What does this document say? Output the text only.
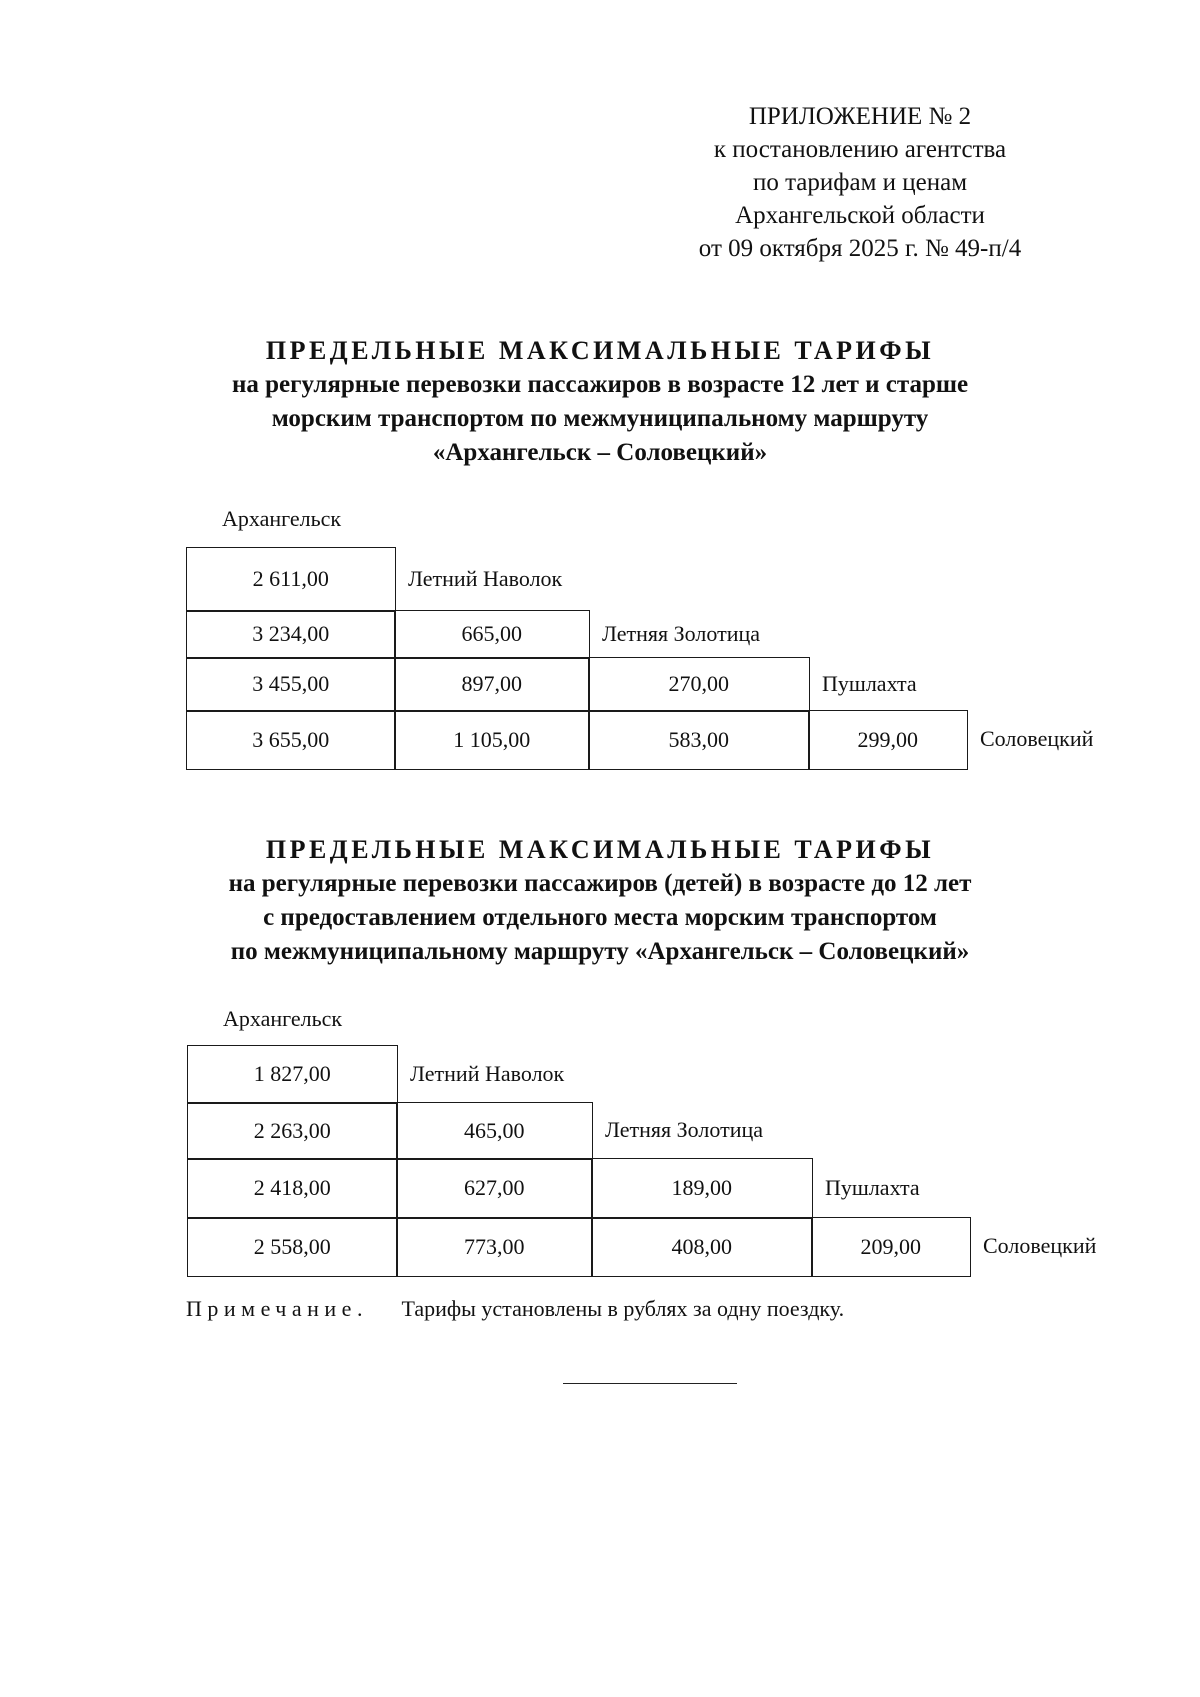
ПРИЛОЖЕНИЕ № 2
к постановлению агентства
по тарифам и ценам
Архангельской области
от 09 октября 2025 г. № 49-п/4
ПРЕДЕЛЬНЫЕ МАКСИМАЛЬНЫЕ ТАРИФЫ
на регулярные перевозки пассажиров в возрасте 12 лет и старше
морским транспортом по межмуниципальному маршруту
«Архангельск – Соловецкий»
ПРЕДЕЛЬНЫЕ МАКСИМАЛЬНЫЕ ТАРИФЫ
на регулярные перевозки пассажиров (детей) в возрасте до 12 лет
с предоставлением отдельного места морским транспортом
по межмуниципальному маршруту «Архангельск – Соловецкий»
Архангельск
2 611,00	Летний Наволок
3 234,00	665,00	Летняя Золотица
3 455,00	897,00	270,00	Пушлахта
3 655,00	1 105,00	583,00	299,00	Соловецкий
Архангельск
1 827,00	Летний Наволок
2 263,00	465,00	Летняя Золотица
2 418,00	627,00	189,00	Пушлахта
2 558,00	773,00	408,00	209,00	Соловецкий
Примечание. Тарифы установлены в рублях за одну поездку.
